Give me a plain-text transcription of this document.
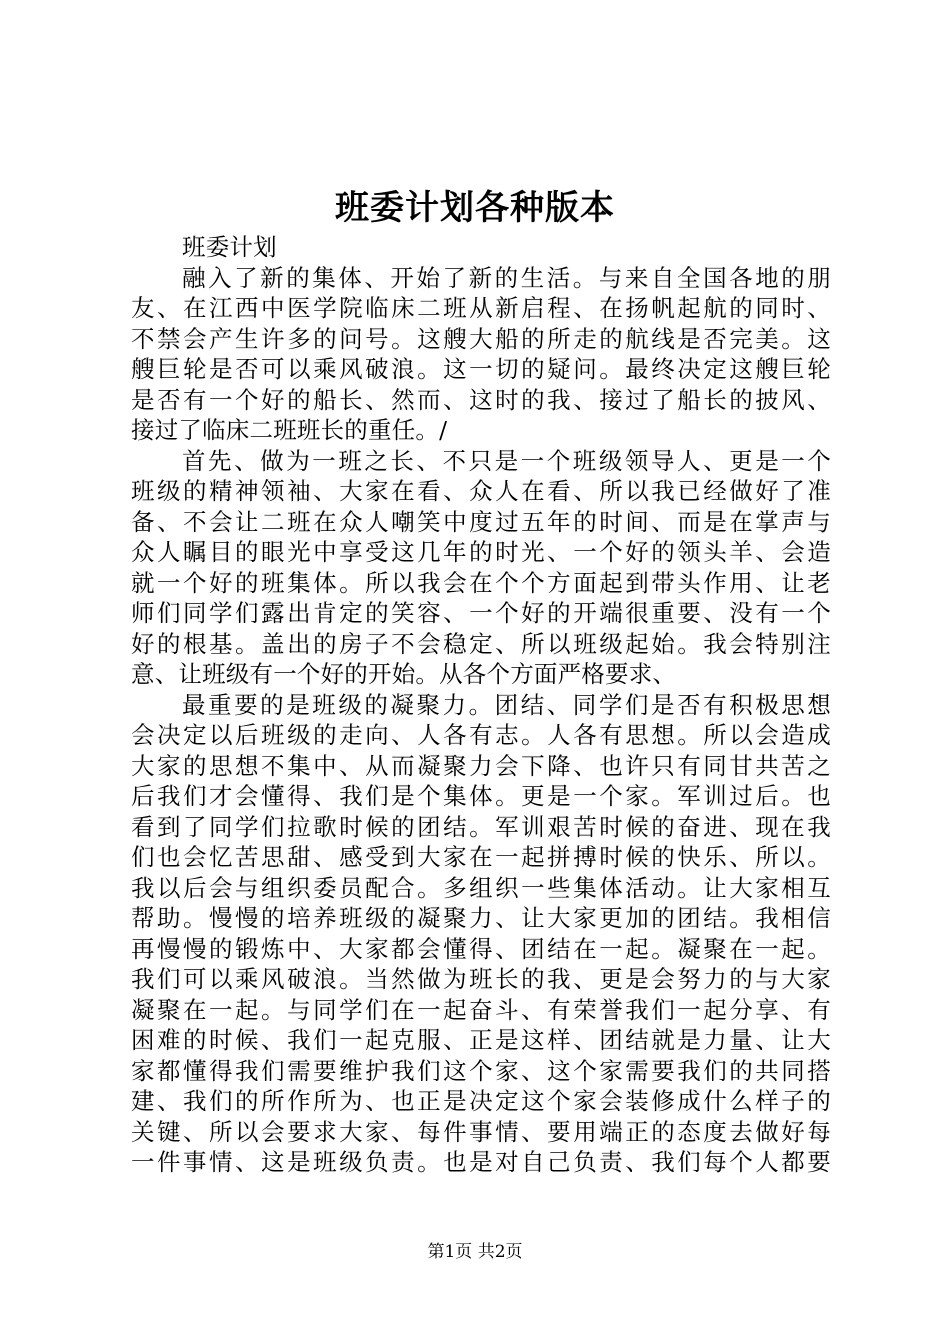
班委计划各种版本
班委计划
融入了新的集体、开始了新的生活。与来自全国各地的朋
友、在江西中医学院临床二班从新启程、在扬帆起航的同时、
不禁会产生许多的问号。这艘大船的所走的航线是否完美。这
艘巨轮是否可以乘风破浪。这一切的疑问。最终决定这艘巨轮
是否有一个好的船长、然而、这时的我、接过了船长的披风、
接过了临床二班班长的重任。/
首先、做为一班之长、不只是一个班级领导人、更是一个
班级的精神领袖、大家在看、众人在看、所以我已经做好了准
备、不会让二班在众人嘲笑中度过五年的时间、而是在掌声与
众人瞩目的眼光中享受这几年的时光、一个好的领头羊、会造
就一个好的班集体。所以我会在个个方面起到带头作用、让老
师们同学们露出肯定的笑容、一个好的开端很重要、没有一个
好的根基。盖出的房子不会稳定、所以班级起始。我会特别注
意、让班级有一个好的开始。从各个方面严格要求、
最重要的是班级的凝聚力。团结、同学们是否有积极思想
会决定以后班级的走向、人各有志。人各有思想。所以会造成
大家的思想不集中、从而凝聚力会下降、也许只有同甘共苦之
后我们才会懂得、我们是个集体。更是一个家。军训过后。也
看到了同学们拉歌时候的团结。军训艰苦时候的奋进、现在我
们也会忆苦思甜、感受到大家在一起拼搏时候的快乐、所以。
我以后会与组织委员配合。多组织一些集体活动。让大家相互
帮助。慢慢的培养班级的凝聚力、让大家更加的团结。我相信
再慢慢的锻炼中、大家都会懂得、团结在一起。凝聚在一起。
我们可以乘风破浪。当然做为班长的我、更是会努力的与大家
凝聚在一起。与同学们在一起奋斗、有荣誉我们一起分享、有
困难的时候、我们一起克服、正是这样、团结就是力量、让大
家都懂得我们需要维护我们这个家、这个家需要我们的共同搭
建、我们的所作所为、也正是决定这个家会装修成什么样子的
关键、所以会要求大家、每件事情、要用端正的态度去做好每
一件事情、这是班级负责。也是对自己负责、我们每个人都要
第1页 共2页
